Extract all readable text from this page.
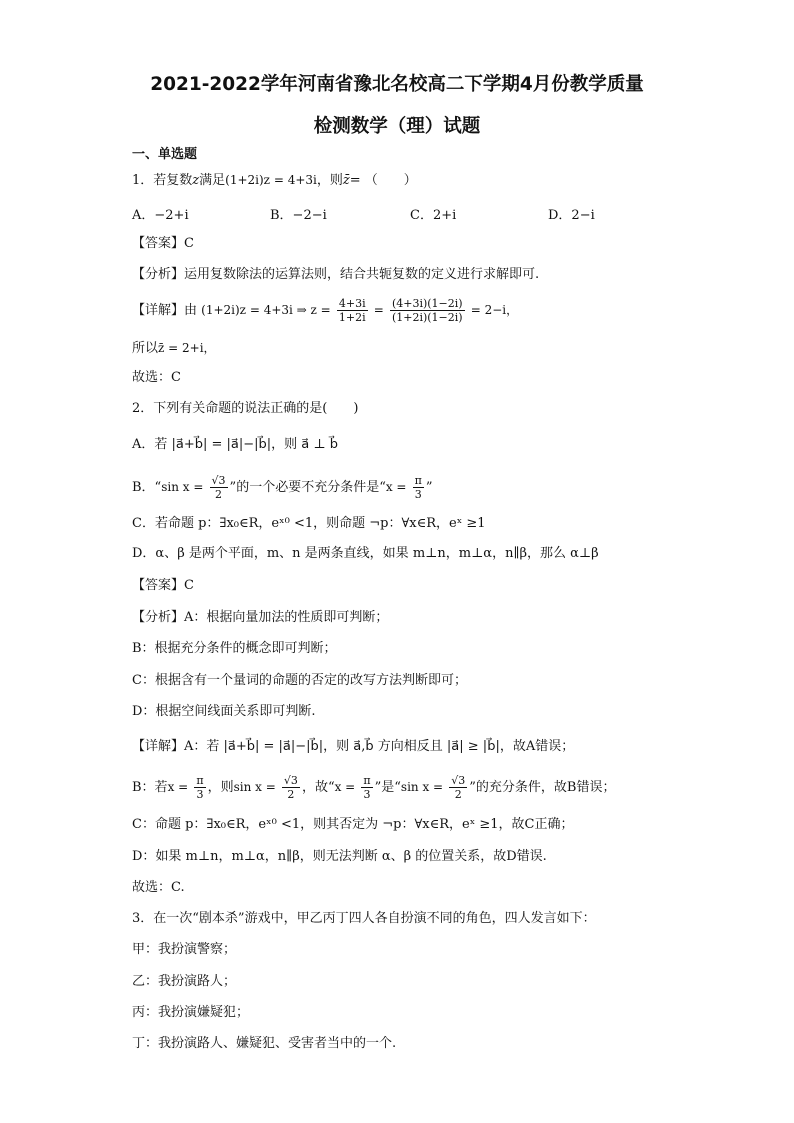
2021-2022学年河南省豫北名校高二下学期4月份教学质量
检测数学（理）试题
一、单选题
1．若复数z满足(1+2i)z = 4+3i，则z̄= （　　）
A．−2+i	B．−2−i	C．2+i	D．2−i
【答案】C
【分析】运用复数除法的运算法则，结合共轭复数的定义进行求解即可.
【详解】由 (1+2i)z = 4+3i ⇒ $z = \frac{4+3i}{1+2i} = \frac{(4+3i)(1-2i)}{(1+2i)(1-2i)} = 2-i$，
所以z̄ = 2+i，
故选：C
2．下列有关命题的说法正确的是(　　)
A．若 |a⃗+b⃗| = |a⃗|−|b⃗|，则 a⃗ ⊥ b⃗
B．“sin $x = \frac{√3}{2}$ ”的一个必要不充分条件是“$x = \frac{\pi}{3}$ ”
C．若命题 p：∃x₀∈R，eˣ⁰ <1，则命题 ¬p：∀x∈R，eˣ ≥1
D．α、β 是两个平面，m、n 是两条直线，如果 m⊥n，m⊥α，n∥β，那么 α⊥β
【答案】C
【分析】A：根据向量加法的性质即可判断；
B：根据充分条件的概念即可判断；
C：根据含有一个量词的命题的否定的改写方法判断即可；
D：根据空间线面关系即可判断.
【详解】A：若 |a⃗+b⃗| = |a⃗|−|b⃗|，则 a⃗,b⃗ 方向相反且 |a⃗| ≥ |b⃗|，故A错误；
B：若$x = \frac{\pi}{3}$ ，则$\sin x = \frac{√3}{2}$ ，故“$x = \frac{\pi}{3}$ ”是“sin $x = \frac{√3}{2}$ ”的充分条件，故B错误；
C：命题 p：∃x₀∈R，eˣ⁰ <1，则其否定为 ¬p：∀x∈R，eˣ ≥1，故C正确；
D：如果 m⊥n，m⊥α，n∥β，则无法判断 α、β 的位置关系，故D错误.
故选：C.
3．在一次“剧本杀”游戏中，甲乙丙丁四人各自扮演不同的角色，四人发言如下：
甲：我扮演警察；
乙：我扮演路人；
丙：我扮演嫌疑犯；
丁：我扮演路人、嫌疑犯、受害者当中的一个.
